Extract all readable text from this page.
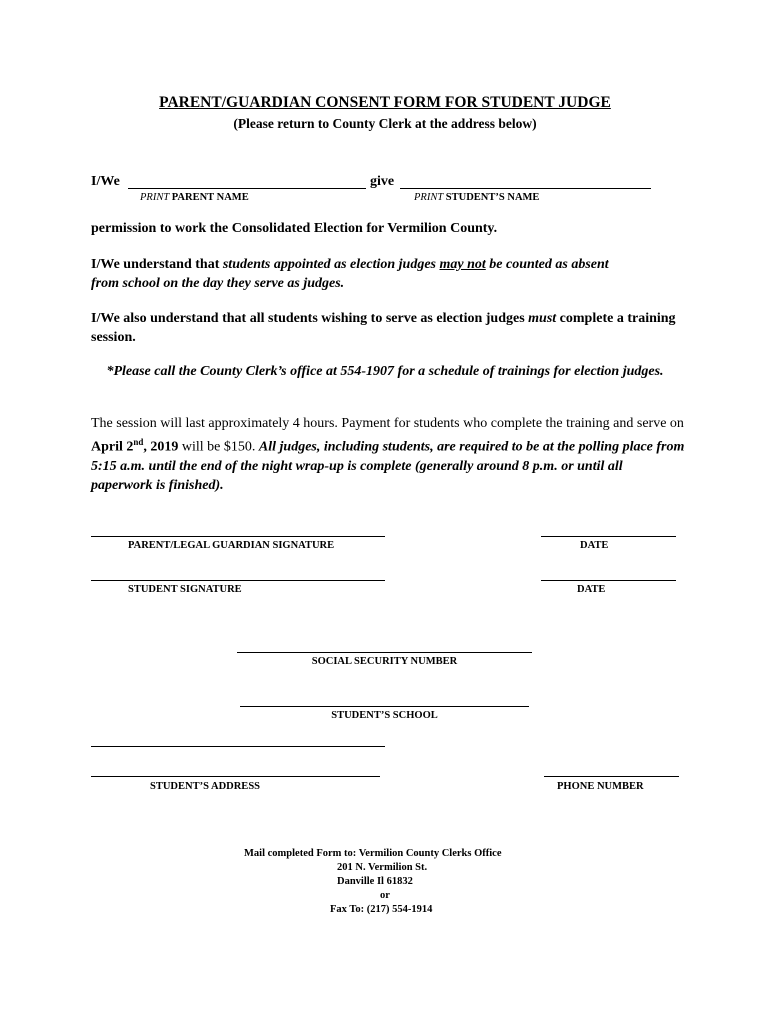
PARENT/GUARDIAN CONSENT FORM FOR STUDENT JUDGE
(Please return to County Clerk at the address below)
I/We	give
PRINT PARENT NAME	PRINT STUDENT’S NAME
permission to work the Consolidated Election for Vermilion County.
I/We understand that students appointed as election judges may not be counted as absent
from school on the day they serve as judges.
I/We also understand that all students wishing to serve as election judges must complete a training session.
*Please call the County Clerk’s office at 554-1907 for a schedule of trainings for election judges.
The session will last approximately 4 hours. Payment for students who complete the training and serve on April 2nd, 2019 will be $150. All judges, including students, are required to be at the polling place from 5:15 a.m. until the end of the night wrap-up is complete (generally around 8 p.m. or until all paperwork is finished).
PARENT/LEGAL GUARDIAN SIGNATURE	DATE
STUDENT SIGNATURE	DATE
SOCIAL SECURITY NUMBER
STUDENT’S SCHOOL
STUDENT’S ADDRESS	PHONE NUMBER
Mail completed Form to: Vermilion County Clerks Office
201 N. Vermilion St.
Danville Il 61832
or
Fax To: (217) 554-1914
